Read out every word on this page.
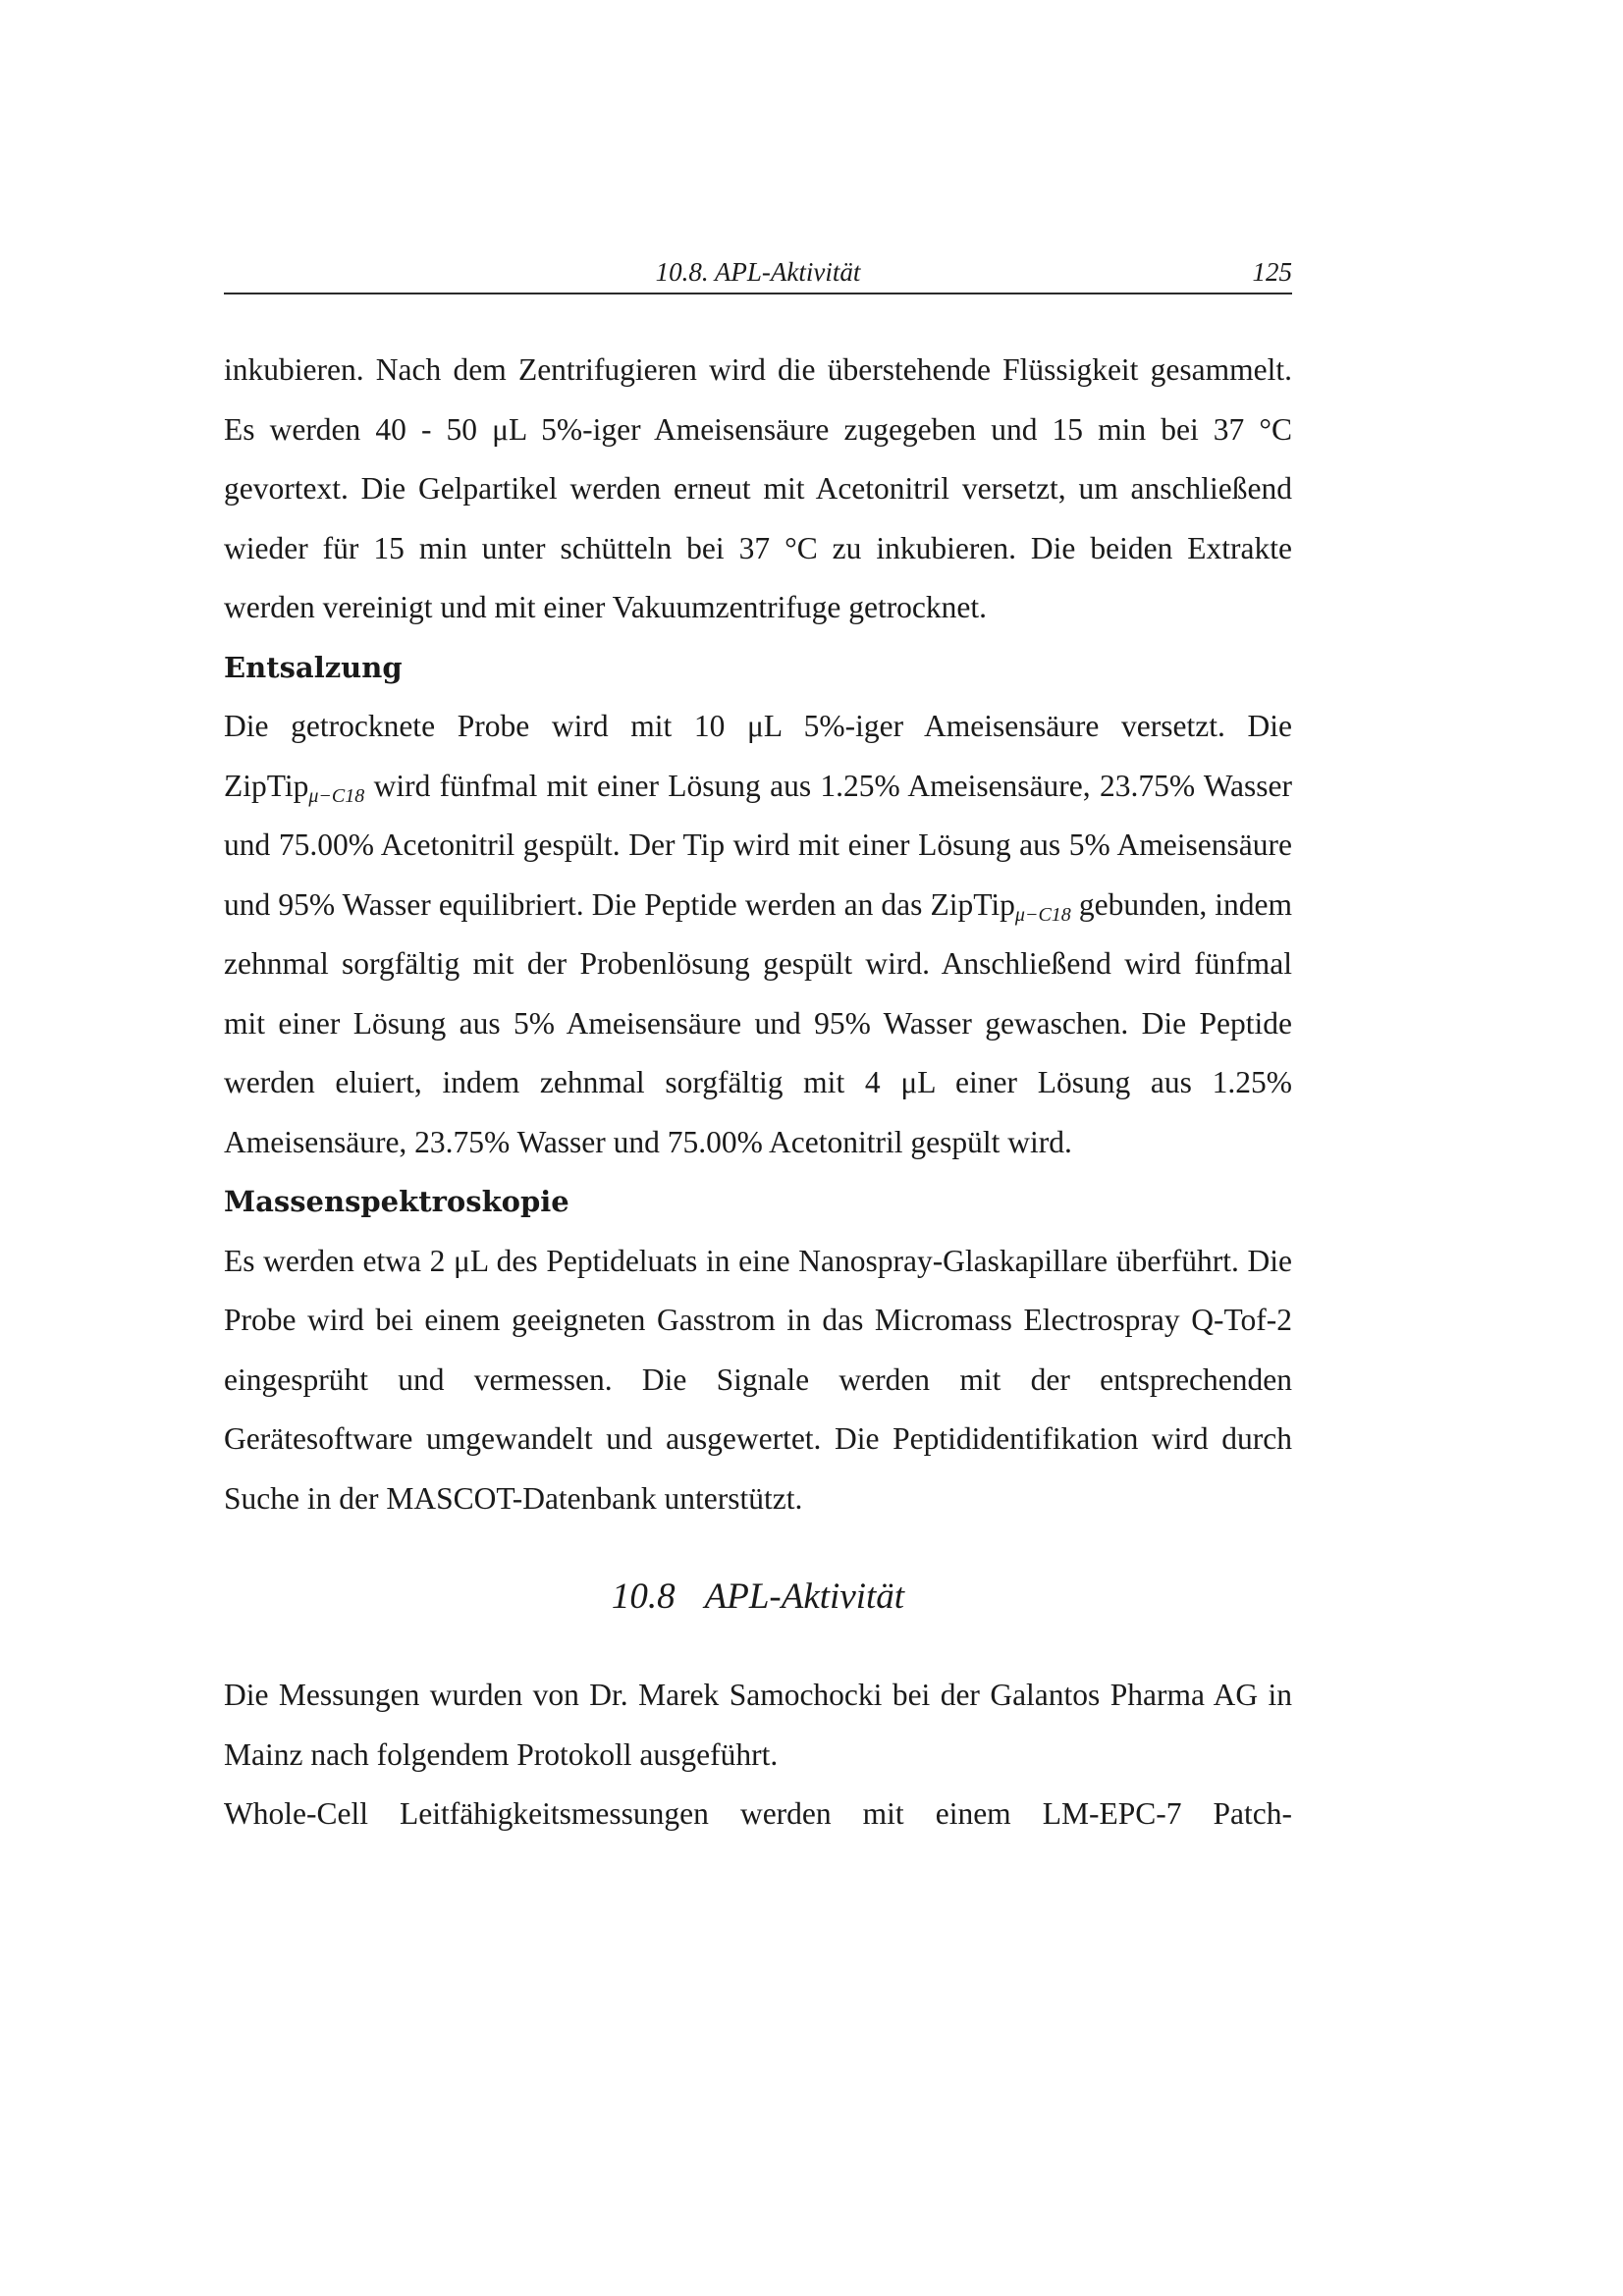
10.8. APL-Aktivität	125

inkubieren. Nach dem Zentrifugieren wird die überstehende Flüssigkeit gesammelt. Es werden 40 - 50 μL 5%-iger Ameisensäure zugegeben und 15 min bei 37 °C gevortext. Die Gelpartikel werden erneut mit Acetonitril versetzt, um anschließend wieder für 15 min unter schütteln bei 37 °C zu inkubieren. Die beiden Extrakte werden vereinigt und mit einer Vakuumzentrifuge getrocknet.

Entsalzung

Die getrocknete Probe wird mit 10 μL 5%-iger Ameisensäure versetzt. Die ZipTip$_{\mu-C18}$ wird fünfmal mit einer Lösung aus 1.25% Ameisensäure, 23.75% Wasser und 75.00% Acetonitril gespült. Der Tip wird mit einer Lösung aus 5% Ameisensäure und 95% Wasser equilibriert. Die Peptide werden an das ZipTip$_{\mu-C18}$ gebunden, indem zehnmal sorgfältig mit der Probenlösung gespült wird. Anschließend wird fünfmal mit einer Lösung aus 5% Ameisensäure und 95% Wasser gewaschen. Die Peptide werden eluiert, indem zehnmal sorgfältig mit 4 μL einer Lösung aus 1.25% Ameisensäure, 23.75% Wasser und 75.00% Acetonitril gespült wird.

Massenspektroskopie

Es werden etwa 2 μL des Peptideluats in eine Nanospray-Glaskapillare überführt. Die Probe wird bei einem geeigneten Gasstrom in das Micromass Electrospray Q-Tof-2 eingesprüht und vermessen. Die Signale werden mit der entsprechenden Gerätesoftware umgewandelt und ausgewertet. Die Peptididentifikation wird durch Suche in der MASCOT-Datenbank unterstützt.

10.8 APL-Aktivität

Die Messungen wurden von Dr. Marek Samochocki bei der Galantos Pharma AG in Mainz nach folgendem Protokoll ausgeführt.

Whole-Cell Leitfähigkeitsmessungen werden mit einem LM-EPC-7 Patch-
